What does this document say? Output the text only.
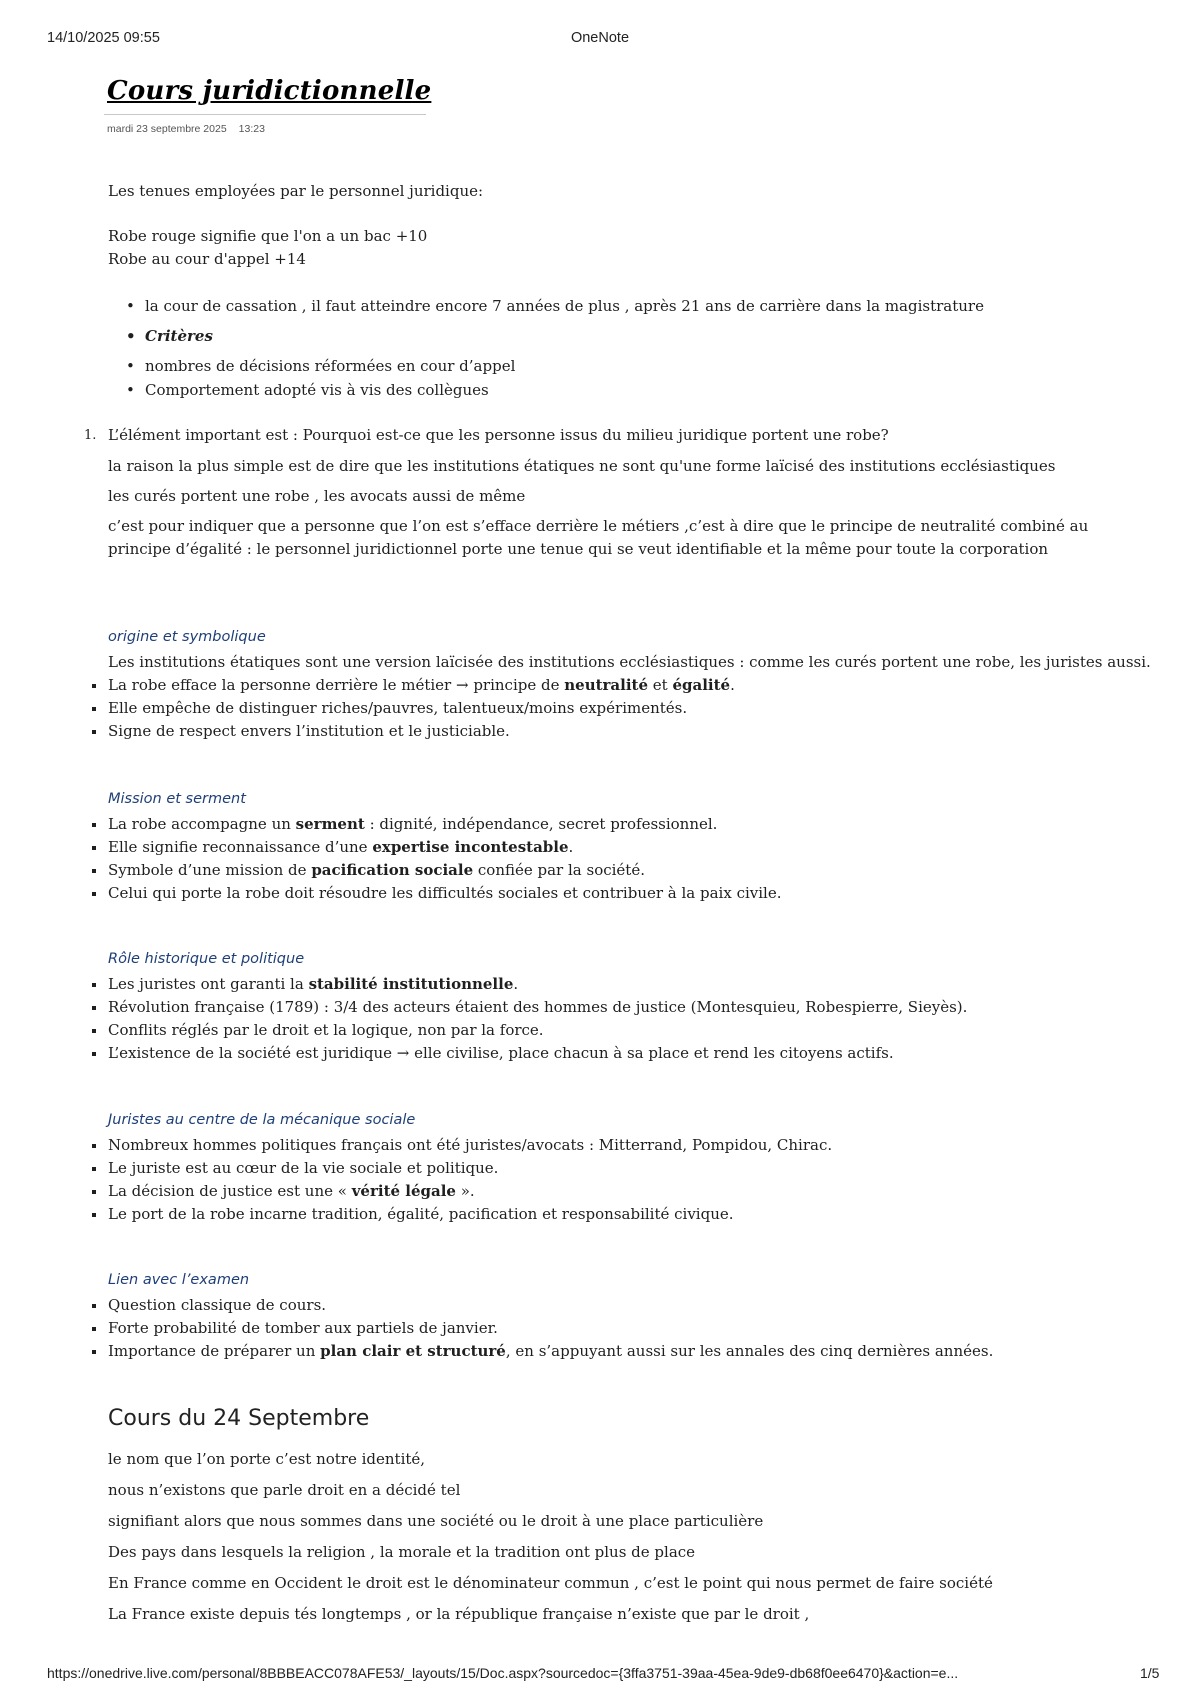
14/10/2025 09:55	OneNote
Cours juridictionnelle
mardi 23 septembre 2025 13:23
Les tenues employées par le personnel juridique:
Robe rouge signifie que l'on a un bac +10
Robe au cour d'appel +14
• la cour de cassation , il faut atteindre encore 7 années de plus , après 21 ans de carrière dans la magistrature
• Critères
• nombres de décisions réformées en cour d’appel
• Comportement adopté vis à vis des collègues
1. L’élément important est : Pourquoi est-ce que les personne issus du milieu juridique portent une robe?
la raison la plus simple est de dire que les institutions étatiques ne sont qu'une forme laïcisé des institutions ecclésiastiques
les curés portent une robe , les avocats aussi de même
c’est pour indiquer que a personne que l’on est s’efface derrière le métiers ,c’est à dire que le principe de neutralité combiné au
principe d’égalité : le personnel juridictionnel porte une tenue qui se veut identifiable et la même pour toute la corporation
origine et symbolique
Les institutions étatiques sont une version laïcisée des institutions ecclésiastiques : comme les curés portent une robe, les juristes aussi.
La robe efface la personne derrière le métier → principe de neutralité et égalité.
Elle empêche de distinguer riches/pauvres, talentueux/moins expérimentés.
Signe de respect envers l’institution et le justiciable.
Mission et serment
La robe accompagne un serment : dignité, indépendance, secret professionnel.
Elle signifie reconnaissance d’une expertise incontestable.
Symbole d’une mission de pacification sociale confiée par la société.
Celui qui porte la robe doit résoudre les difficultés sociales et contribuer à la paix civile.
Rôle historique et politique
Les juristes ont garanti la stabilité institutionnelle.
Révolution française (1789) : 3/4 des acteurs étaient des hommes de justice (Montesquieu, Robespierre, Sieyès).
Conflits réglés par le droit et la logique, non par la force.
L’existence de la société est juridique → elle civilise, place chacun à sa place et rend les citoyens actifs.
Juristes au centre de la mécanique sociale
Nombreux hommes politiques français ont été juristes/avocats : Mitterrand, Pompidou, Chirac.
Le juriste est au cœur de la vie sociale et politique.
La décision de justice est une « vérité légale ».
Le port de la robe incarne tradition, égalité, pacification et responsabilité civique.
Lien avec l’examen
Question classique de cours.
Forte probabilité de tomber aux partiels de janvier.
Importance de préparer un plan clair et structuré, en s’appuyant aussi sur les annales des cinq dernières années.
Cours du 24 Septembre
le nom que l’on porte c’est notre identité,
nous n’existons que parle droit en a décidé tel
signifiant alors que nous sommes dans une société ou le droit à une place particulière
Des pays dans lesquels la religion , la morale et la tradition ont plus de place
En France comme en Occident le droit est le dénominateur commun , c’est le point qui nous permet de faire société
La France existe depuis tés longtemps , or la république française n’existe que par le droit ,
https://onedrive.live.com/personal/8BBBEACC078AFE53/_layouts/15/Doc.aspx?sourcedoc={3ffa3751-39aa-45ea-9de9-db68f0ee6470}&action=e...	1/5
